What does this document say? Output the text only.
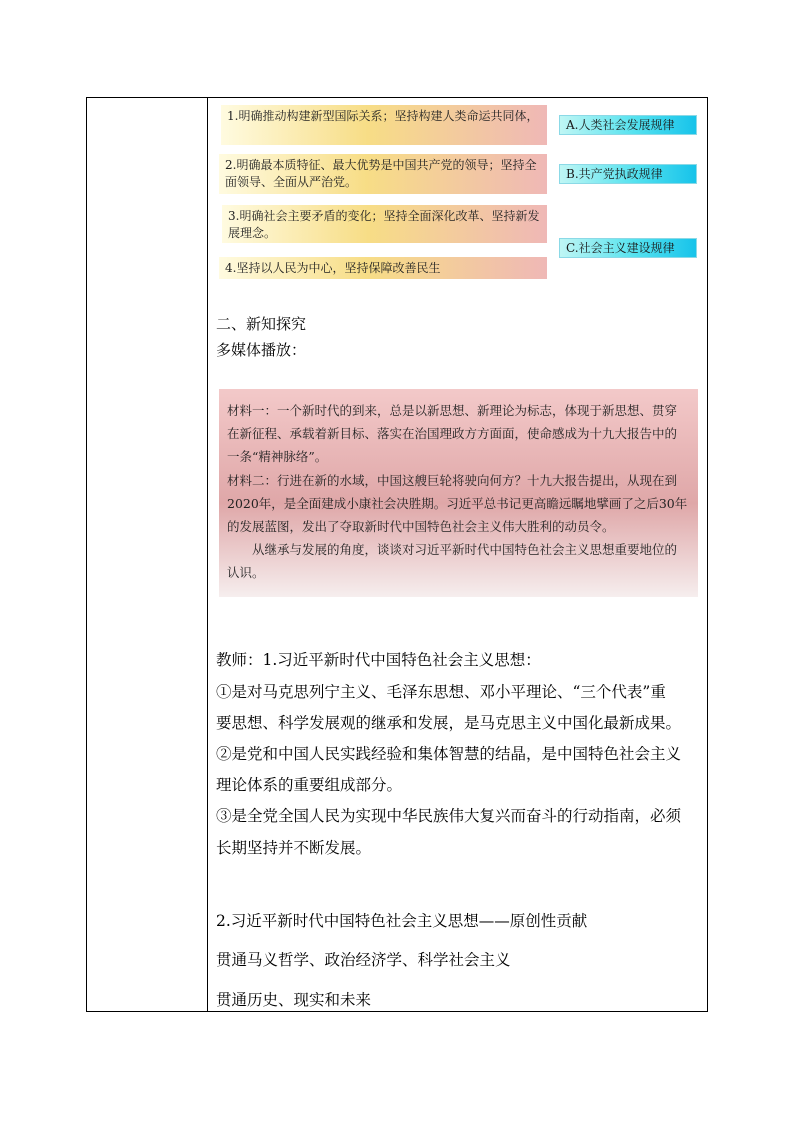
1.明确推动构建新型国际关系；坚持构建人类命运共同体，
2.明确最本质特征、最大优势是中国共产党的领导；坚持全面领导、全面从严治党。
3.明确社会主要矛盾的变化；坚持全面深化改革、坚持新发展理念。
4.坚持以人民为中心，坚持保障改善民生
A.人类社会发展规律
B.共产党执政规律
C.社会主义建设规律
二、新知探究
多媒体播放：

材料一：一个新时代的到来，总是以新思想、新理论为标志，体现于新思想、贯穿在新征程、承载着新目标、落实在治国理政方方面面，使命感成为十九大报告中的一条“精神脉络”。

材料二：行进在新的水域，中国这艘巨轮将驶向何方？十九大报告提出，从现在到2020年，是全面建成小康社会决胜期。习近平总书记更高瞻远瞩地擘画了之后30年的发展蓝图，发出了夺取新时代中国特色社会主义伟大胜利的动员令。

从继承与发展的角度，谈谈对习近平新时代中国特色社会主义思想重要地位的认识。

教师：1.习近平新时代中国特色社会主义思想：
①是对马克思列宁主义、毛泽东思想、邓小平理论、“三个代表”重
要思想、科学发展观的继承和发展，是马克思主义中国化最新成果。
②是党和中国人民实践经验和集体智慧的结晶，是中国特色社会主义
理论体系的重要组成部分。
③是全党全国人民为实现中华民族伟大复兴而奋斗的行动指南，必须
长期坚持并不断发展。
2.习近平新时代中国特色社会主义思想——原创性贡献
贯通马义哲学、政治经济学、科学社会主义
贯通历史、现实和未来
